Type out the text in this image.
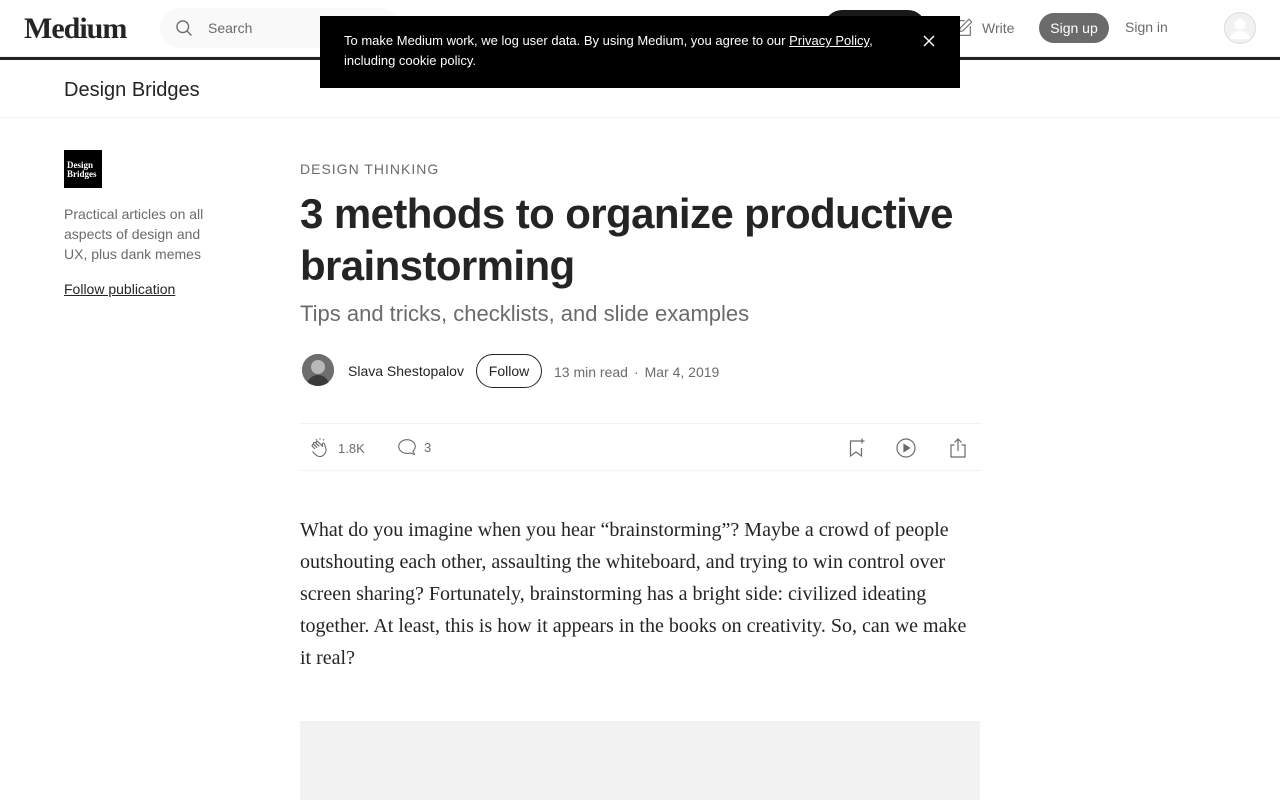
Medium
Search	Write	Sign up	Sign in
Design Bridges
To make Medium work, we log user data. By using Medium, you agree to our Privacy Policy, including cookie policy.
Design
Bridges
Practical articles on all aspects of design and UX, plus dank memes
Follow publication
DESIGN THINKING
3 methods to organize productive brainstorming
Tips and tricks, checklists, and slide examples
Slava Shestopalov	Follow	13 min read · Mar 4, 2019
1.8K	3

What do you imagine when you hear “brainstorming”? Maybe a crowd of people outshouting each other, assaulting the whiteboard, and trying to win control over screen sharing? Fortunately, brainstorming has a bright side: civilized ideating together. At least, this is how it appears in the books on creativity. So, can we make it real?
